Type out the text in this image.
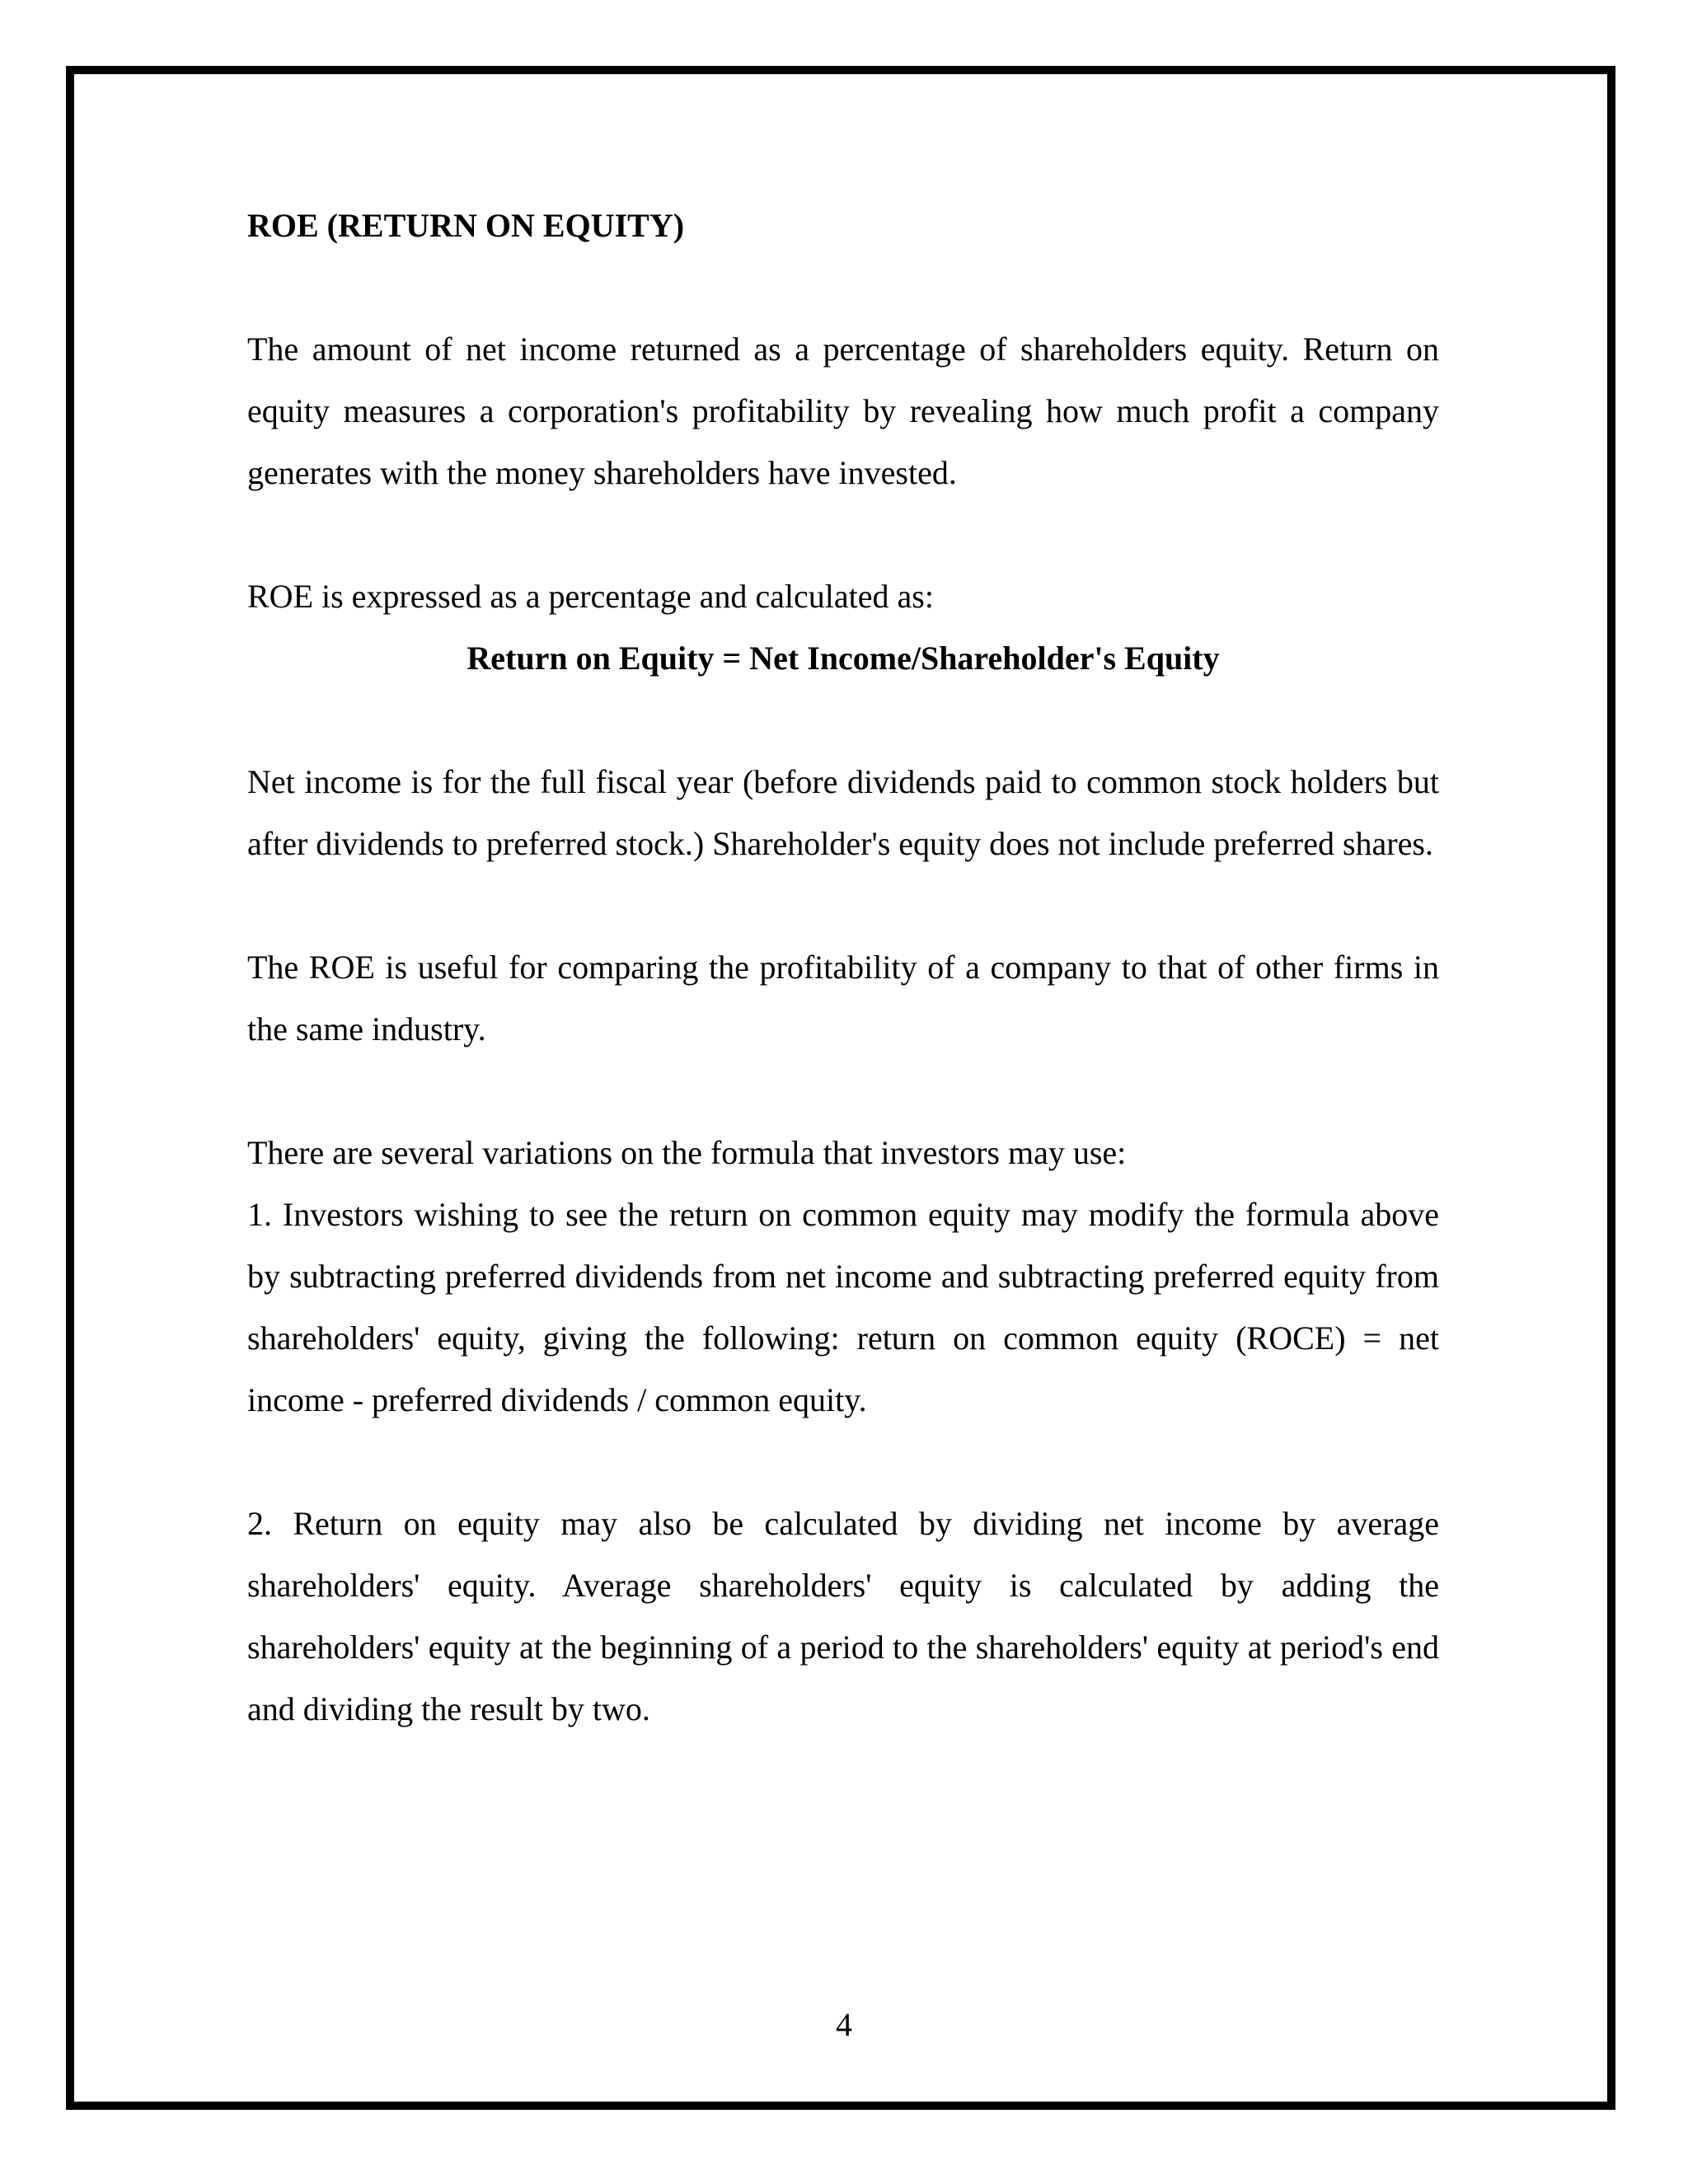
ROE (RETURN ON EQUITY)

The amount of net income returned as a percentage of shareholders equity. Return on equity measures a corporation's profitability by revealing how much profit a company generates with the money shareholders have invested.

ROE is expressed as a percentage and calculated as:

Return on Equity = Net Income/Shareholder's Equity

Net income is for the full fiscal year (before dividends paid to common stock holders but after dividends to preferred stock.) Shareholder's equity does not include preferred shares.

The ROE is useful for comparing the profitability of a company to that of other firms in the same industry.

There are several variations on the formula that investors may use:

1. Investors wishing to see the return on common equity may modify the formula above by subtracting preferred dividends from net income and subtracting preferred equity from shareholders' equity, giving the following: return on common equity (ROCE) = net income - preferred dividends / common equity.

2. Return on equity may also be calculated by dividing net income by average shareholders' equity. Average shareholders' equity is calculated by adding the shareholders' equity at the beginning of a period to the shareholders' equity at period's end and dividing the result by two.

4
